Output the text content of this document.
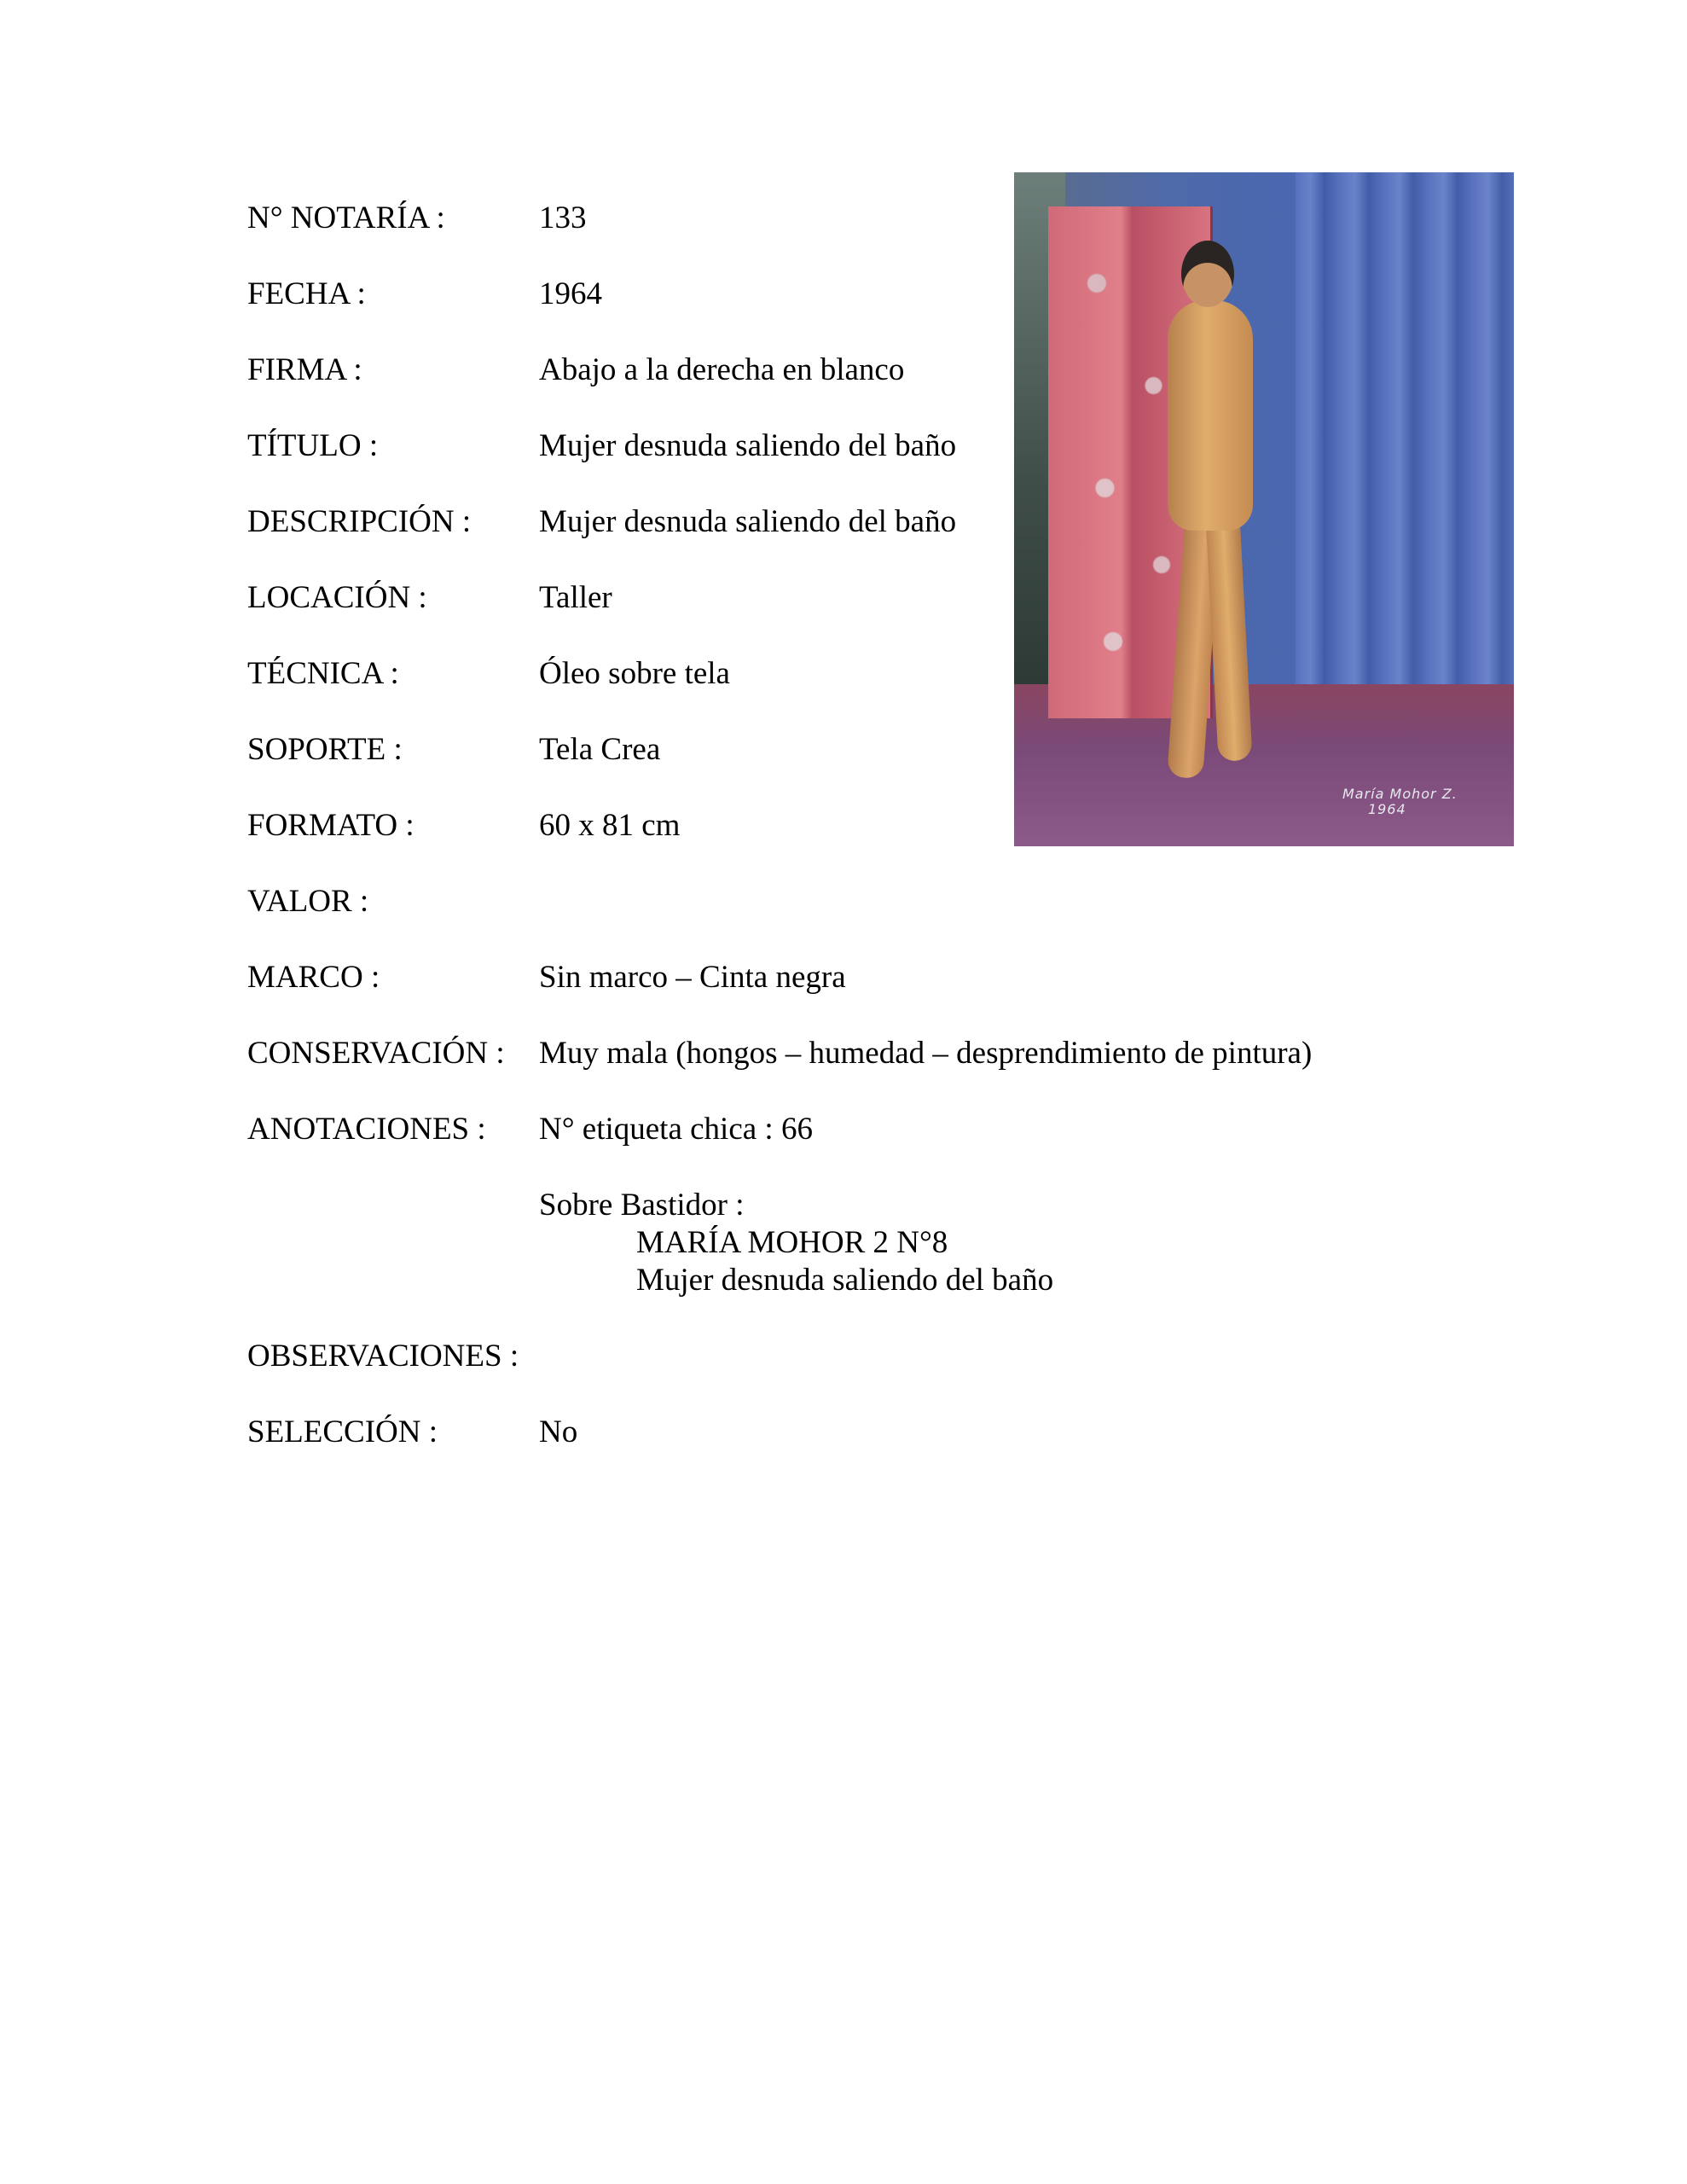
N° NOTARÍA :	133
FECHA :	1964
FIRMA :	Abajo a la derecha en blanco
TÍTULO :	Mujer desnuda saliendo del baño
DESCRIPCIÓN : Mujer desnuda saliendo del baño
LOCACIÓN :	Taller
TÉCNICA :	Óleo sobre tela
SOPORTE :	Tela Crea
FORMATO :	60 x 81 cm
VALOR :
MARCO :	Sin marco – Cinta negra
CONSERVACIÓN : Muy mala (hongos – humedad – desprendimiento de pintura)
ANOTACIONES : N° etiqueta chica : 66
Sobre Bastidor :
MARÍA MOHOR 2 N°8
Mujer desnuda saliendo del baño
OBSERVACIONES :
SELECCIÓN :	No
María Mohor Z.
1964
